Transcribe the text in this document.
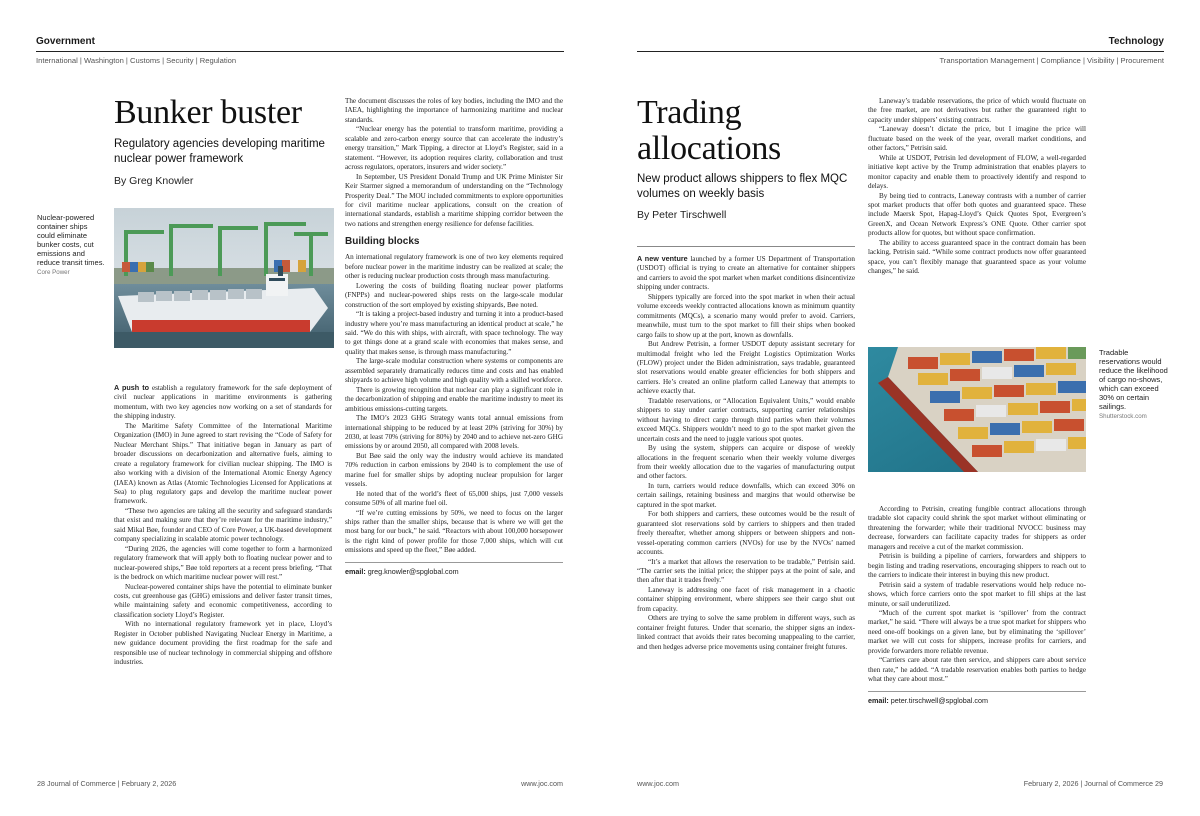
Government
International | Washington | Customs | Security | Regulation
Bunker buster
Regulatory agencies developing maritime nuclear power framework
By Greg Knowler
Nuclear-powered container ships could eliminate bunker costs, cut emissions and reduce transit times.
Core Power

A push to establish a regulatory framework for the safe deployment of civil nuclear applications in maritime environments is gathering momentum, with two key agencies now working on a set of standards for the shipping industry.

The Maritime Safety Committee of the International Maritime Organization (IMO) in June agreed to start revising the “Code of Safety for Nuclear Merchant Ships.” That initiative began in January as part of broader discussions on decarbonization and alternative fuels, aiming to create a regulatory framework for civilian nuclear shipping. The IMO is also working with a division of the International Atomic Energy Agency (IAEA) known as Atlas (Atomic Technologies Licensed for Applications at Sea) to plug regulatory gaps and develop the maritime nuclear power framework.

“These two agencies are taking all the security and safeguard standards that exist and making sure that they’re relevant for the maritime industry,” said Mikal Bøe, founder and CEO of Core Power, a UK-based development company specializing in scalable atomic power technology.

“During 2026, the agencies will come together to form a harmonized regulatory framework that will apply both to floating nuclear power and to nuclear-powered ships,” Bøe told reporters at a recent press briefing. “That is the bedrock on which maritime nuclear power will rest.”

Nuclear-powered container ships have the potential to eliminate bunker costs, cut greenhouse gas (GHG) emissions and deliver faster transit times, while maintaining safety and economic competitiveness, according to classification society Lloyd’s Register.

With no international regulatory framework yet in place, Lloyd’s Register in October published Navigating Nuclear Energy in Maritime, a new guidance document providing the first roadmap for the safe and responsible use of nuclear technology in commercial shipping and offshore industries.

The document discusses the roles of key bodies, including the IMO and the IAEA, highlighting the importance of harmonizing maritime and nuclear standards.

“Nuclear energy has the potential to transform maritime, providing a scalable and zero-carbon energy source that can accelerate the industry’s energy transition,” Mark Tipping, a director at Lloyd’s Register, said in a statement. “However, its adoption requires clarity, collaboration and trust across regulators, operators, insurers and wider society.”

In September, US President Donald Trump and UK Prime Minister Sir Keir Starmer signed a memorandum of understanding on the “Technology Prosperity Deal.” The MOU included commitments to explore opportunities for civil maritime nuclear applications, consult on the creation of international standards, establish a maritime shipping corridor between the two nations and strengthen energy resilience for defense facilities.

Building blocks

An international regulatory framework is one of two key elements required before nuclear power in the maritime industry can be realized at scale; the other is reducing nuclear production costs through mass manufacturing.

Lowering the costs of building floating nuclear power platforms (FNPPs) and nuclear-powered ships rests on the large-scale modular construction of the sort employed by existing shipyards, Bøe noted.

“It is taking a project-based industry and turning it into a product-based industry where you’re mass manufacturing an identical product at scale,” he said. “We do this with ships, with aircraft, with space technology. The way to get things done at a grand scale with economies that makes sense, and quality that makes sense, is through mass manufacturing.”

The large-scale modular construction where systems or components are assembled separately dramatically reduces time and costs and has enabled shipyards to achieve high volume and high quality with a skilled workforce.

There is growing recognition that nuclear can play a significant role in the decarbonization of shipping and enable the maritime industry to meet its ambitious emissions-cutting targets.

The IMO’s 2023 GHG Strategy wants total annual emissions from international shipping to be reduced by at least 20% (striving for 30%) by 2030, at least 70% (striving for 80%) by 2040 and to achieve net-zero GHG emissions by or around 2050, all compared with 2008 levels.

But Bøe said the only way the industry would achieve its mandated 70% reduction in carbon emissions by 2040 is to complement the use of marine fuel for smaller ships by adopting nuclear propulsion for larger vessels.

He noted that of the world’s fleet of 65,000 ships, just 7,000 vessels consume 50% of all marine fuel oil.

“If we’re cutting emissions by 50%, we need to focus on the larger ships rather than the smaller ships, because that is where we will get the most bang for our buck,” he said. “Reactors with about 100,000 horsepower is the right kind of power profile for those 7,000 ships, which will cut emissions and speed up the fleet,” Bøe added.

email: greg.knowler@spglobal.com

28 Journal of Commerce | February 2, 2026	www.joc.com
Technology
Transportation Management | Compliance | Visibility | Procurement
Trading
allocations
New product allows shippers to flex MQC volumes on weekly basis
By Peter Tirschwell

A new venture launched by a former US Department of Transportation (USDOT) official is trying to create an alternative for container shippers and carriers to avoid the spot market when market conditions disincentivize shipping under contracts.

Shippers typically are forced into the spot market in when their actual volume exceeds weekly contracted allocations known as minimum quantity commitments (MQCs), a scenario many would prefer to avoid. Carriers, meanwhile, must turn to the spot market to fill their ships when booked cargo fails to show up at the port, known as downfalls.

But Andrew Petrisin, a former USDOT deputy assistant secretary for multimodal freight who led the Freight Logistics Optimization Works (FLOW) project under the Biden administration, says tradable, guaranteed slot reservations would enable greater efficiencies for both shippers and carriers. He’s created an online platform called Laneway that attempts to achieve exactly that.

Tradable reservations, or “Allocation Equivalent Units,” would enable shippers to stay under carrier contracts, supporting carrier relationships without having to direct cargo through third parties when their volumes exceed MQCs. Shippers wouldn’t need to go to the spot market given the uncertain costs and the need to juggle various spot quotes.

By using the system, shippers can acquire or dispose of weekly allocations in the frequent scenario when their weekly volume diverges from their weekly allocation due to the vagaries of manufacturing output and other factors.

In turn, carriers would reduce downfalls, which can exceed 30% on certain sailings, retaining business and margins that would otherwise be captured in the spot market.

For both shippers and carriers, these outcomes would be the result of guaranteed slot reservations sold by carriers to shippers and then traded freely thereafter, whether among shippers or between shippers and non-vessel-operating common carriers (NVOs) for use by the NVOs’ named accounts.

“It’s a market that allows the reservation to be tradable,” Petrisin said. “The carrier sets the initial price; the shipper pays at the point of sale, and then after that it trades freely.”

Laneway is addressing one facet of risk management in a chaotic container shipping environment, where shippers see their cargo shut out from capacity.

Others are trying to solve the same problem in different ways, such as container freight futures. Under that scenario, the shipper signs an index-linked contract that avoids their rates becoming unappealing to the carrier, and then hedges adverse price movements using container freight futures.

Laneway’s tradable reservations, the price of which would fluctuate on the free market, are not derivatives but rather the guaranteed right to capacity under shippers’ existing contracts.

“Laneway doesn’t dictate the price, but I imagine the price will fluctuate based on the week of the year, overall market conditions, and other factors,” Petrisin said.

While at USDOT, Petrisin led development of FLOW, a well-regarded initiative kept active by the Trump administration that enables players to monitor capacity and enable them to proactively identify and respond to delays.

By being tied to contracts, Laneway contrasts with a number of carrier spot market products that offer both quotes and guaranteed space. These include Maersk Spot, Hapag-Lloyd’s Quick Quotes Spot, Evergreen’s GreenX, and Ocean Network Express’s ONE Quote. Other carrier spot products allow for quotes, but without space confirmation.

The ability to access guaranteed space in the contract domain has been lacking, Petrisin said. “While some contract products now offer guaranteed space, you can’t flexibly manage that guaranteed space as your volume changes,” he said.

Tradable reservations would reduce the likelihood of cargo no-shows, which can exceed 30% on certain sailings.
Shutterstock.com

According to Petrisin, creating fungible contract allocations through tradable slot capacity could shrink the spot market without eliminating or threatening the forwarder; while their traditional NVOCC business may decrease, forwarders can facilitate capacity trades for shippers as order managers and receive a cut of the market commission.

Petrisin is building a pipeline of carriers, forwarders and shippers to begin listing and trading reservations, encouraging shippers to reach out to the carriers to indicate their interest in buying this new product.

Petrisin said a system of tradable reservations would help reduce no-shows, which force carriers onto the spot market to fill ships at the last minute, or sail underutilized.

“Much of the current spot market is ‘spillover’ from the contract market,” he said. “There will always be a true spot market for shippers who need one-off bookings on a given lane, but by eliminating the ‘spillover’ market we will cut costs for shippers, increase profits for carriers, and provide forwarders more reliable revenue.

“Carriers care about rate then service, and shippers care about service then rate,” he added. “A tradable reservation enables both parties to hedge what they care about most.”

email: peter.tirschwell@spglobal.com

www.joc.com	February 2, 2026 | Journal of Commerce 29
